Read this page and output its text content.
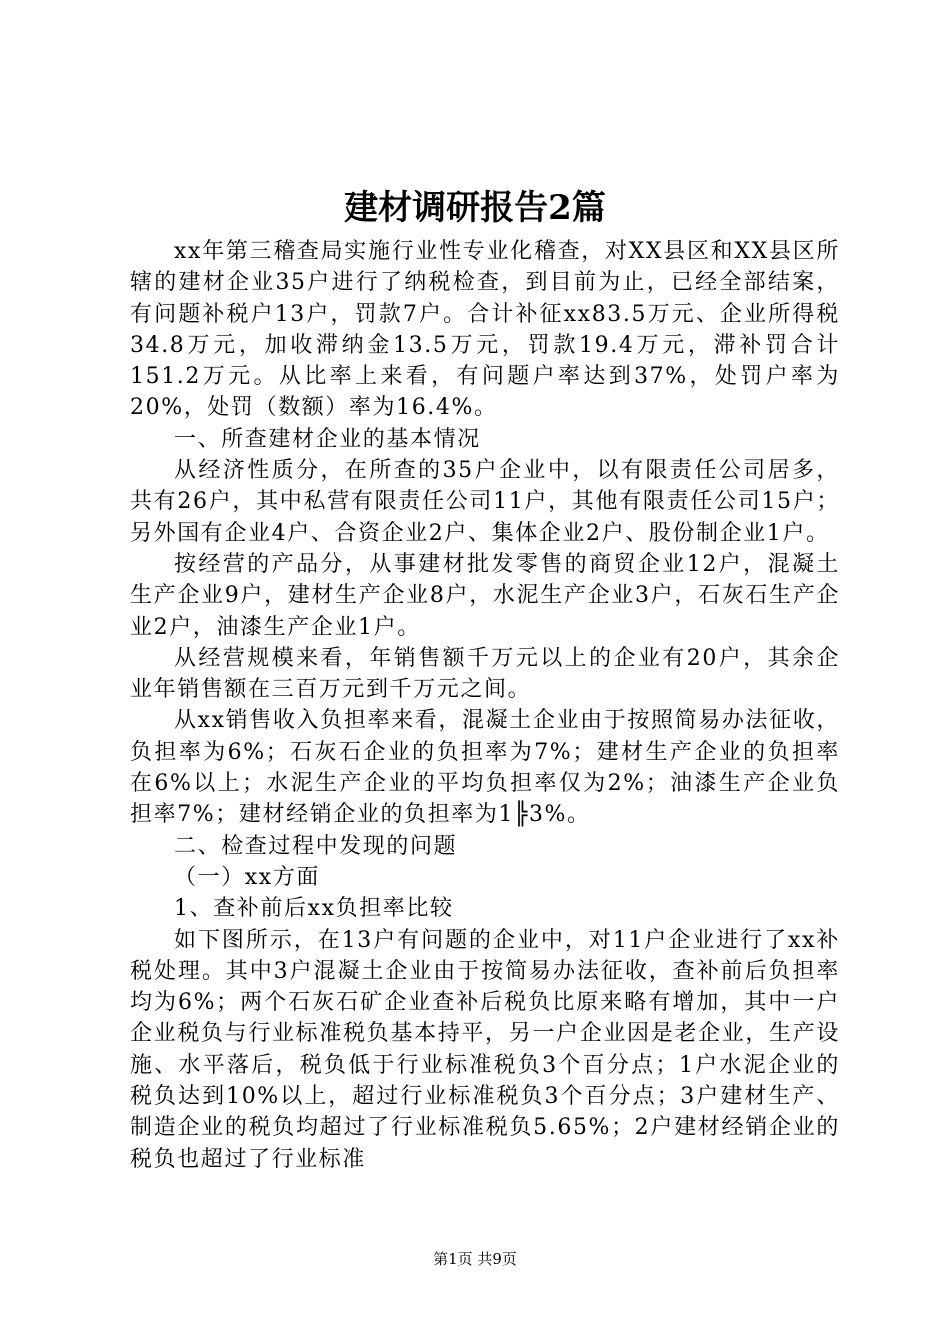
建材调研报告2篇

xx年第三稽查局实施行业性专业化稽查，对XX县区和XX县区所辖的建材企业35户进行了纳税检查，到目前为止，已经全部结案，有问题补税户13户，罚款7户。合计补征xx83.5万元、企业所得税34.8万元，加收滞纳金13.5万元，罚款19.4万元，滞补罚合计151.2万元。从比率上来看，有问题户率达到37%，处罚户率为20%，处罚（数额）率为16.4%。

一、所查建材企业的基本情况

从经济性质分，在所查的35户企业中，以有限责任公司居多，共有26户，其中私营有限责任公司11户，其他有限责任公司15户；另外国有企业4户、合资企业2户、集体企业2户、股份制企业1户。

按经营的产品分，从事建材批发零售的商贸企业12户，混凝土生产企业9户，建材生产企业8户，水泥生产企业3户，石灰石生产企业2户，油漆生产企业1户。

从经营规模来看，年销售额千万元以上的企业有20户，其余企业年销售额在三百万元到千万元之间。

从xx销售收入负担率来看，混凝土企业由于按照简易办法征收，负担率为6%；石灰石企业的负担率为7%；建材生产企业的负担率在6%以上；水泥生产企业的平均负担率仅为2%；油漆生产企业负担率7%；建材经销企业的负担率为1╠3%。

二、检查过程中发现的问题

（一）xx方面

1、查补前后xx负担率比较

如下图所示，在13户有问题的企业中，对11户企业进行了xx补税处理。其中3户混凝土企业由于按简易办法征收，查补前后负担率均为6%；两个石灰石矿企业查补后税负比原来略有增加，其中一户企业税负与行业标准税负基本持平，另一户企业因是老企业，生产设施、水平落后，税负低于行业标准税负3个百分点；1户水泥企业的税负达到10%以上，超过行业标准税负3个百分点；3户建材生产、制造企业的税负均超过了行业标准税负5.65%；2户建材经销企业的税负也超过了行业标准

第1页 共9页
